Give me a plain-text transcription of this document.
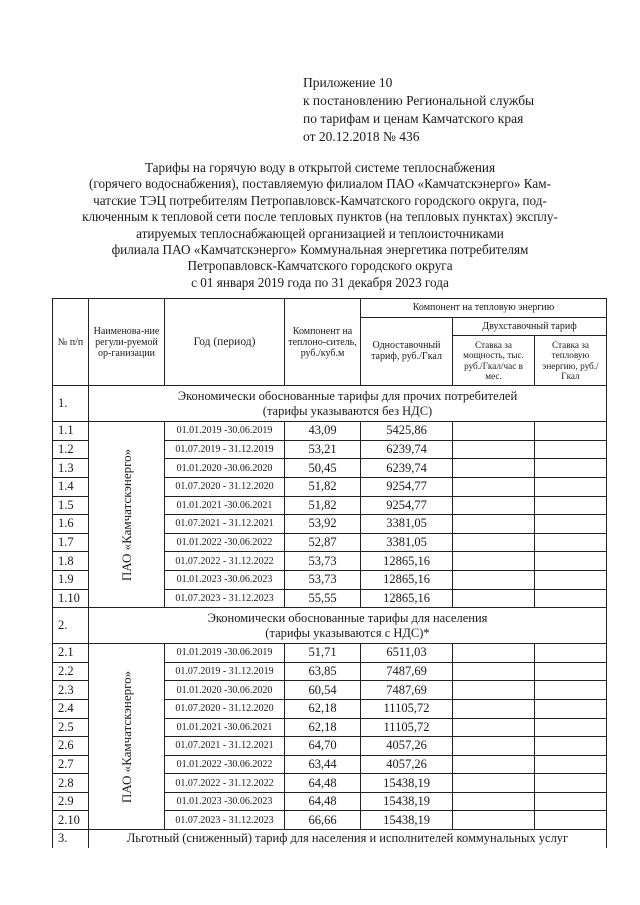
Приложение 10
к постановлению Региональной службы
по тарифам и ценам Камчатского края
от 20.12.2018 № 436
Тарифы на горячую воду в открытой системе теплоснабжения
(горячего водоснабжения), поставляемую филиалом ПАО «Камчатскэнерго» Кам-
чатские ТЭЦ потребителям Петропавловск-Камчатского городского округа, под-
ключенным к тепловой сети после тепловых пунктов (на тепловых пунктах) эксплу-
атируемых теплоснабжающей организацией и теплоисточниками
филиала ПАО «Камчатскэнерго» Коммунальная энергетика потребителям
Петропавловск-Камчатского городского округа
с 01 января 2019 года по 31 декабря 2023 года
№ п/п	Наименова-ние регули-руемой ор-ганизации	Год (период)	Компонент на теплоно-ситель, руб./куб.м	Компонент на тепловую энергию		
				Одноставочный тариф, руб./Гкал	Двухставочный тариф	
					Ставка за мощность, тыс. руб./Гкал/час в мес.	Ставка за тепловую энергию, руб./Гкал
1.	Экономически обоснованные тарифы для прочих потребителей
(тарифы указываются без НДС)					

1.1	ПАО «Камчатскэнерго»	01.01.2019 -30.06.2019	43,09	5425,86		
1.2		01.07.2019 - 31.12.2019	53,21	6239,74		
1.3		01.01.2020 -30.06.2020	50,45	6239,74		
1.4		01.07.2020 - 31.12.2020	51,82	9254,77		
1.5		01.01.2021 -30.06.2021	51,82	9254,77		
1.6		01.07.2021 - 31.12.2021	53,92	3381,05		
1.7		01.01.2022 -30.06.2022	52,87	3381,05		
1.8		01.07.2022 - 31.12.2022	53,73	12865,16		
1.9		01.01.2023 -30.06.2023	53,73	12865,16		
1.10		01.07.2023 - 31.12.2023	55,55	12865,16		
2.	Экономически обоснованные тарифы для населения
(тарифы указываются с НДС)*					

2.1	ПАО «Камчатскэнерго»	01.01.2019 -30.06.2019	51,71	6511,03		
2.2		01.07.2019 - 31.12.2019	63,85	7487,69		
2.3		01.01.2020 -30.06.2020	60,54	7487,69		
2.4		01.07.2020 - 31.12.2020	62,18	11105,72		
2.5		01.01.2021 -30.06.2021	62,18	11105,72		
2.6		01.07.2021 - 31.12.2021	64,70	4057,26		
2.7		01.01.2022 -30.06.2022	63,44	4057,26		
2.8		01.07.2022 - 31.12.2022	64,48	15438,19		
2.9		01.01.2023 -30.06.2023	64,48	15438,19		
2.10		01.07.2023 - 31.12.2023	66,66	15438,19		
3.	Льготный (сниженный) тариф для населения и исполнителей коммунальных услуг					
